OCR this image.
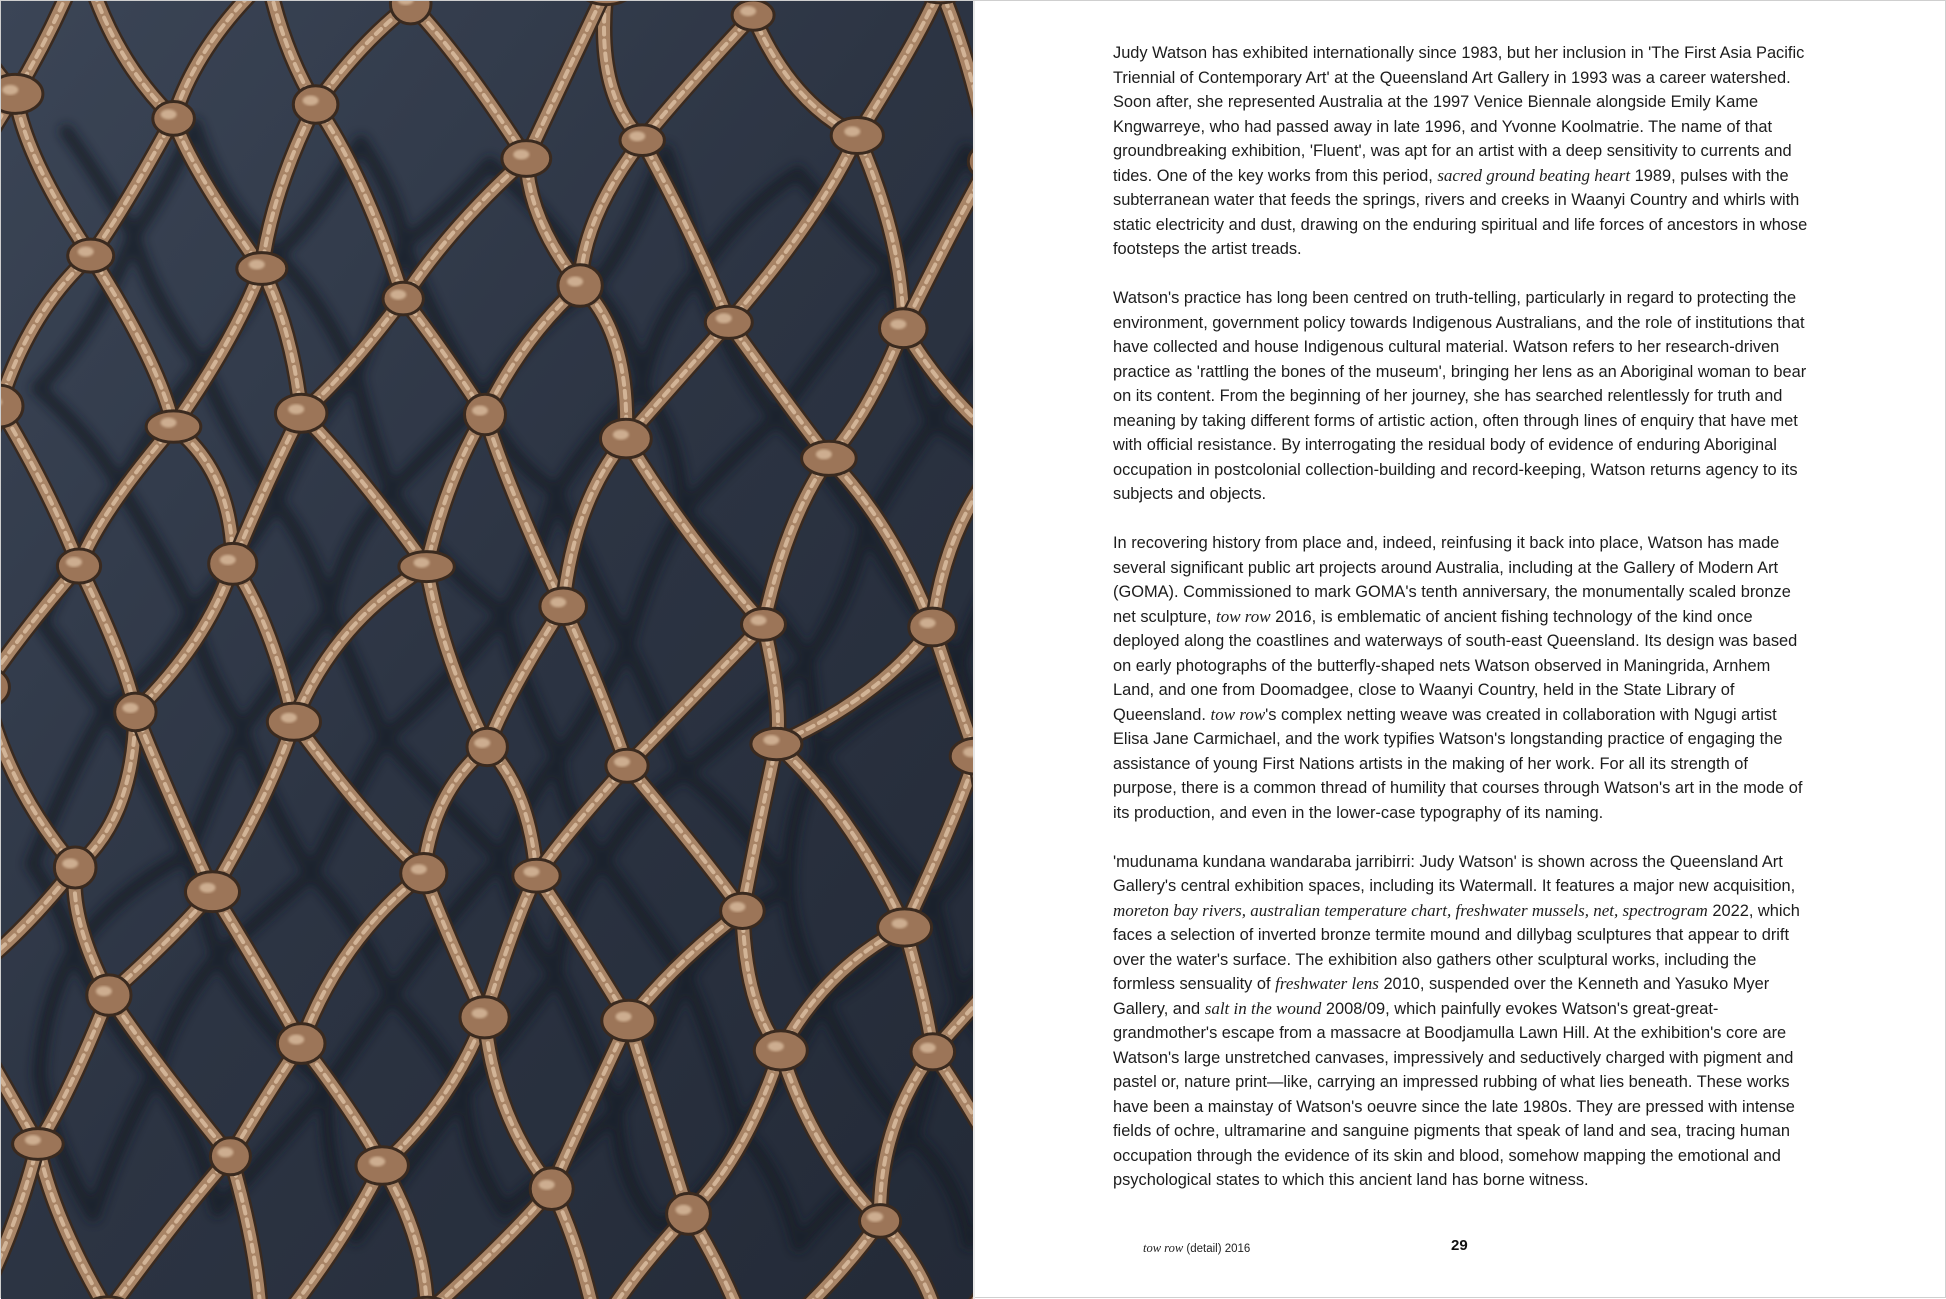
Judy Watson has exhibited internationally since 1983, but her inclusion in 'The First Asia Pacific Triennial of Contemporary Art' at the Queensland Art Gallery in 1993 was a career watershed. Soon after, she represented Australia at the 1997 Venice Biennale alongside Emily Kame Kngwarreye, who had passed away in late 1996, and Yvonne Koolmatrie. The name of that groundbreaking exhibition, 'Fluent', was apt for an artist with a deep sensitivity to currents and tides. One of the key works from this period, sacred ground beating heart 1989, pulses with the subterranean water that feeds the springs, rivers and creeks in Waanyi Country and whirls with static electricity and dust, drawing on the enduring spiritual and life forces of ancestors in whose footsteps the artist treads.

Watson's practice has long been centred on truth-telling, particularly in regard to protecting the environment, government policy towards Indigenous Australians, and the role of institutions that have collected and house Indigenous cultural material. Watson refers to her research-driven practice as 'rattling the bones of the museum', bringing her lens as an Aboriginal woman to bear on its content. From the beginning of her journey, she has searched relentlessly for truth and meaning by taking different forms of artistic action, often through lines of enquiry that have met with official resistance. By interrogating the residual body of evidence of enduring Aboriginal occupation in postcolonial collection-building and record-keeping, Watson returns agency to its subjects and objects.

In recovering history from place and, indeed, reinfusing it back into place, Watson has made several significant public art projects around Australia, including at the Gallery of Modern Art (GOMA). Commissioned to mark GOMA's tenth anniversary, the monumentally scaled bronze net sculpture, tow row 2016, is emblematic of ancient fishing technology of the kind once deployed along the coastlines and waterways of south-east Queensland. Its design was based on early photographs of the butterfly-shaped nets Watson observed in Maningrida, Arnhem Land, and one from Doomadgee, close to Waanyi Country, held in the State Library of Queensland. tow row's complex netting weave was created in collaboration with Ngugi artist Elisa Jane Carmichael, and the work typifies Watson's longstanding practice of engaging the assistance of young First Nations artists in the making of her work. For all its strength of purpose, there is a common thread of humility that courses through Watson's art in the mode of its production, and even in the lower-case typography of its naming.

'mudunama kundana wandaraba jarribirri: Judy Watson' is shown across the Queensland Art Gallery's central exhibition spaces, including its Watermall. It features a major new acquisition, moreton bay rivers, australian temperature chart, freshwater mussels, net, spectrogram 2022, which faces a selection of inverted bronze termite mound and dillybag sculptures that appear to drift over the water's surface. The exhibition also gathers other sculptural works, including the formless sensuality of freshwater lens 2010, suspended over the Kenneth and Yasuko Myer Gallery, and salt in the wound 2008/09, which painfully evokes Watson's great-great-grandmother's escape from a massacre at Boodjamulla Lawn Hill. At the exhibition's core are Watson's large unstretched canvases, impressively and seductively charged with pigment and pastel or, nature print—like, carrying an impressed rubbing of what lies beneath. These works have been a mainstay of Watson's oeuvre since the late 1980s. They are pressed with intense fields of ochre, ultramarine and sanguine pigments that speak of land and sea, tracing human occupation through the evidence of its skin and blood, somehow mapping the emotional and psychological states to which this ancient land has borne witness.

tow row (detail) 2016	29
